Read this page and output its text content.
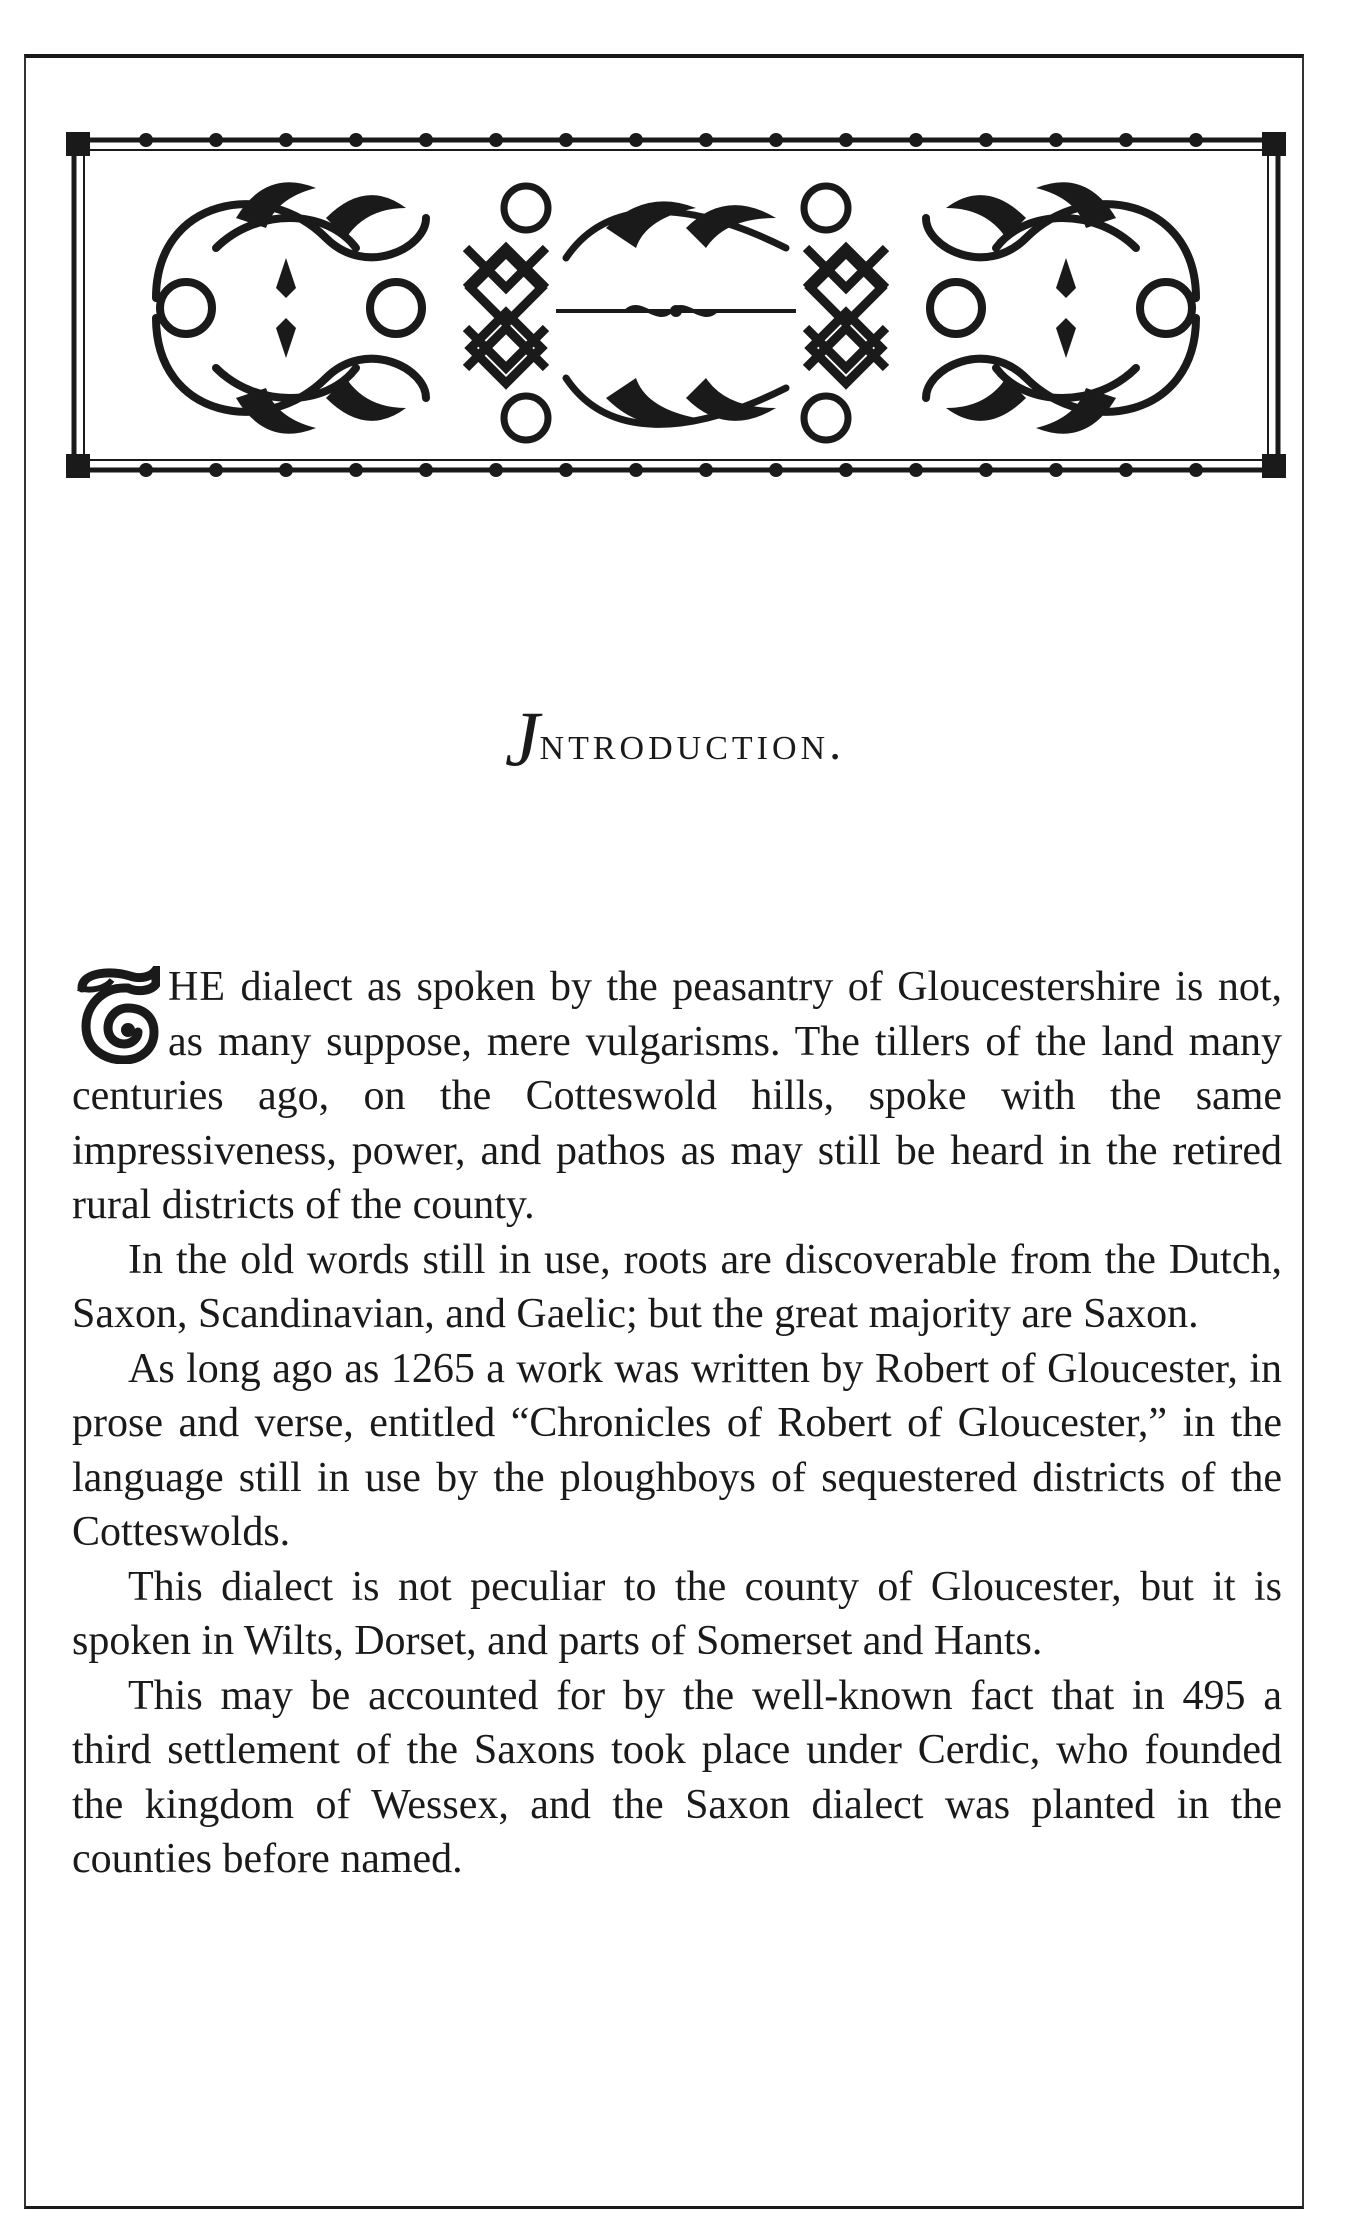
Jntroduction.

HE dialect as spoken by the peasantry of Gloucestershire is not, as many suppose, mere vulgarisms. The tillers of the land many centuries ago, on the Cotteswold hills, spoke with the same impressiveness, power, and pathos as may still be heard in the retired rural districts of the county.

In the old words still in use, roots are discoverable from the Dutch, Saxon, Scandinavian, and Gaelic; but the great majority are Saxon.

As long ago as 1265 a work was written by Robert of Gloucester, in prose and verse, entitled “Chronicles of Robert of Gloucester,” in the language still in use by the ploughboys of sequestered districts of the Cotteswolds.

This dialect is not peculiar to the county of Gloucester, but it is spoken in Wilts, Dorset, and parts of Somerset and Hants.

This may be accounted for by the well-known fact that in 495 a third settlement of the Saxons took place under Cerdic, who founded the kingdom of Wessex, and the Saxon dialect was planted in the counties before named.
